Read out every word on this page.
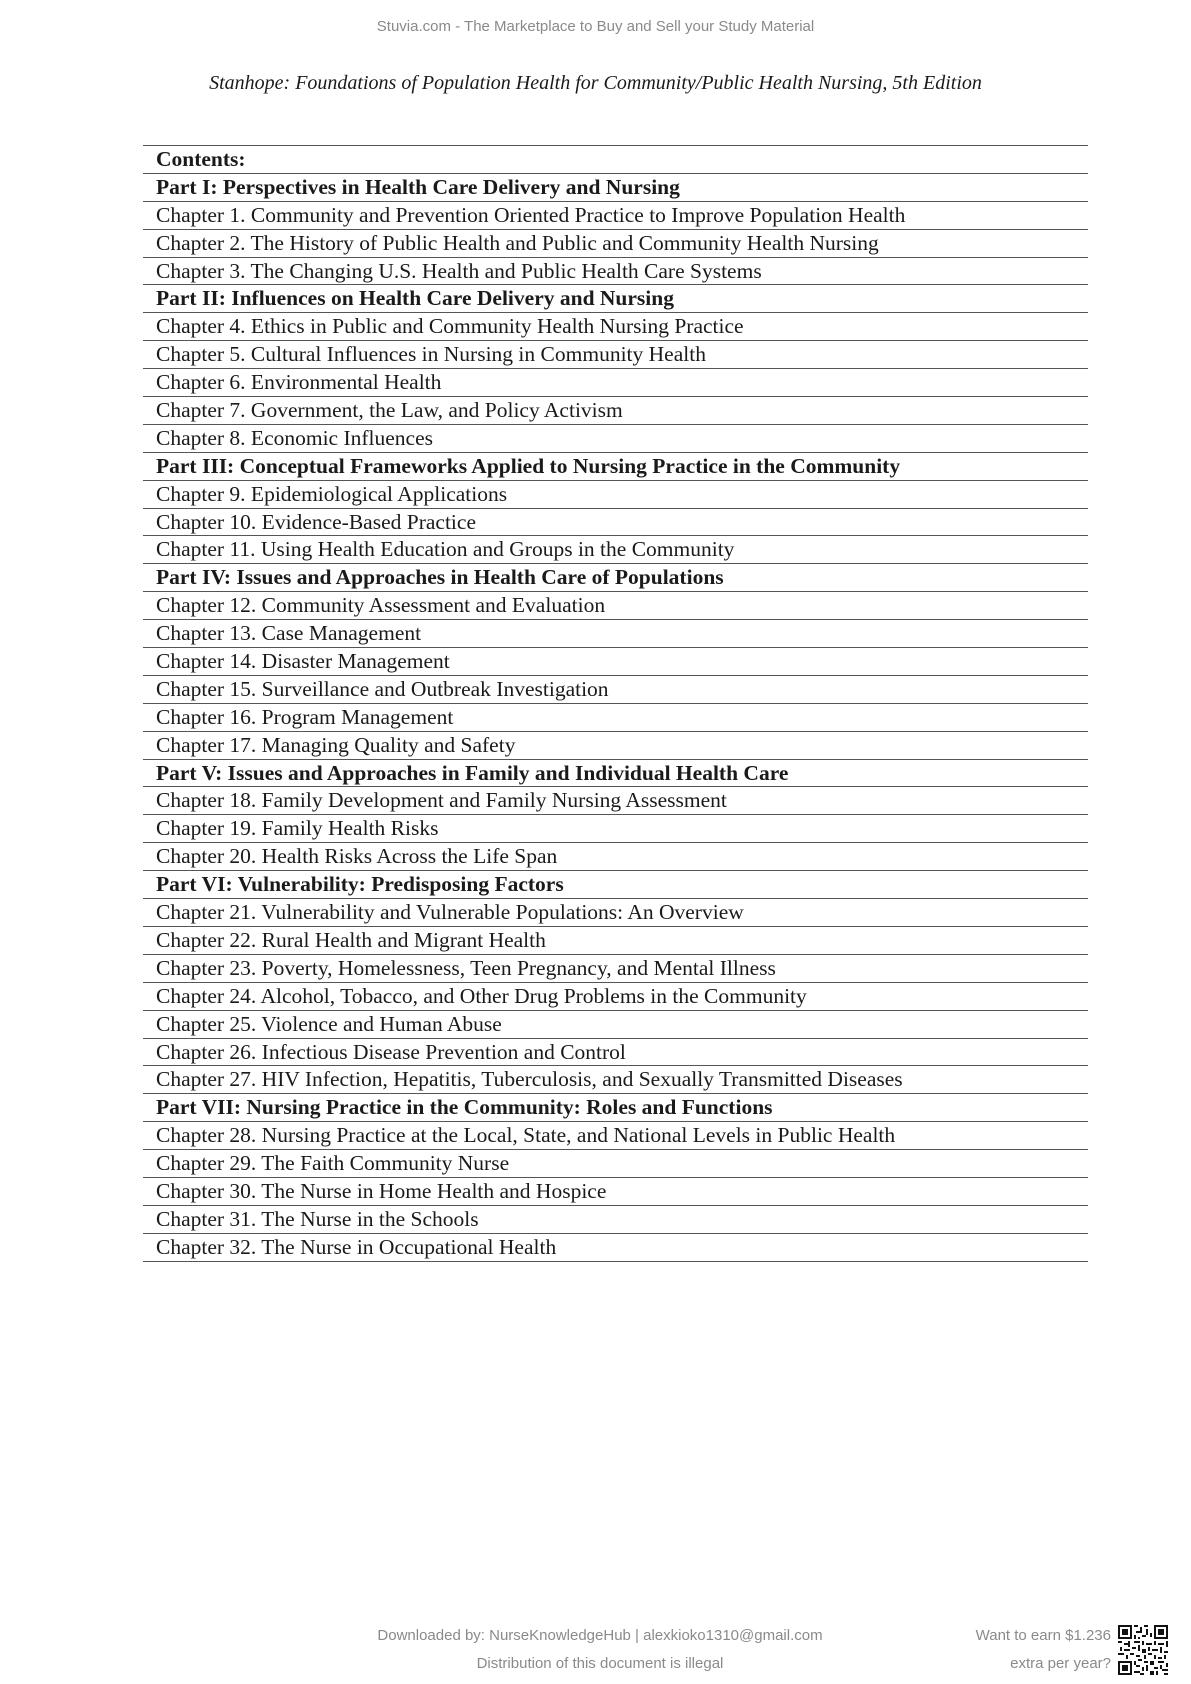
Stuvia.com - The Marketplace to Buy and Sell your Study Material
Stanhope: Foundations of Population Health for Community/Public Health Nursing, 5th Edition
Contents:
Part I: Perspectives in Health Care Delivery and Nursing
Chapter 1. Community and Prevention Oriented Practice to Improve Population Health
Chapter 2. The History of Public Health and Public and Community Health Nursing
Chapter 3. The Changing U.S. Health and Public Health Care Systems
Part II: Influences on Health Care Delivery and Nursing
Chapter 4. Ethics in Public and Community Health Nursing Practice
Chapter 5. Cultural Influences in Nursing in Community Health
Chapter 6. Environmental Health
Chapter 7. Government, the Law, and Policy Activism
Chapter 8. Economic Influences
Part III: Conceptual Frameworks Applied to Nursing Practice in the Community
Chapter 9. Epidemiological Applications
Chapter 10. Evidence-Based Practice
Chapter 11. Using Health Education and Groups in the Community
Part IV: Issues and Approaches in Health Care of Populations
Chapter 12. Community Assessment and Evaluation
Chapter 13. Case Management
Chapter 14. Disaster Management
Chapter 15. Surveillance and Outbreak Investigation
Chapter 16. Program Management
Chapter 17. Managing Quality and Safety
Part V: Issues and Approaches in Family and Individual Health Care
Chapter 18. Family Development and Family Nursing Assessment
Chapter 19. Family Health Risks
Chapter 20. Health Risks Across the Life Span
Part VI: Vulnerability: Predisposing Factors
Chapter 21. Vulnerability and Vulnerable Populations: An Overview
Chapter 22. Rural Health and Migrant Health
Chapter 23. Poverty, Homelessness, Teen Pregnancy, and Mental Illness
Chapter 24. Alcohol, Tobacco, and Other Drug Problems in the Community
Chapter 25. Violence and Human Abuse
Chapter 26. Infectious Disease Prevention and Control
Chapter 27. HIV Infection, Hepatitis, Tuberculosis, and Sexually Transmitted Diseases
Part VII: Nursing Practice in the Community: Roles and Functions
Chapter 28. Nursing Practice at the Local, State, and National Levels in Public Health
Chapter 29. The Faith Community Nurse
Chapter 30. The Nurse in Home Health and Hospice
Chapter 31. The Nurse in the Schools
Chapter 32. The Nurse in Occupational Health
Downloaded by: NurseKnowledgeHub | alexkioko1310@gmail.com
Distribution of this document is illegal
Want to earn $1.236
extra per year?
